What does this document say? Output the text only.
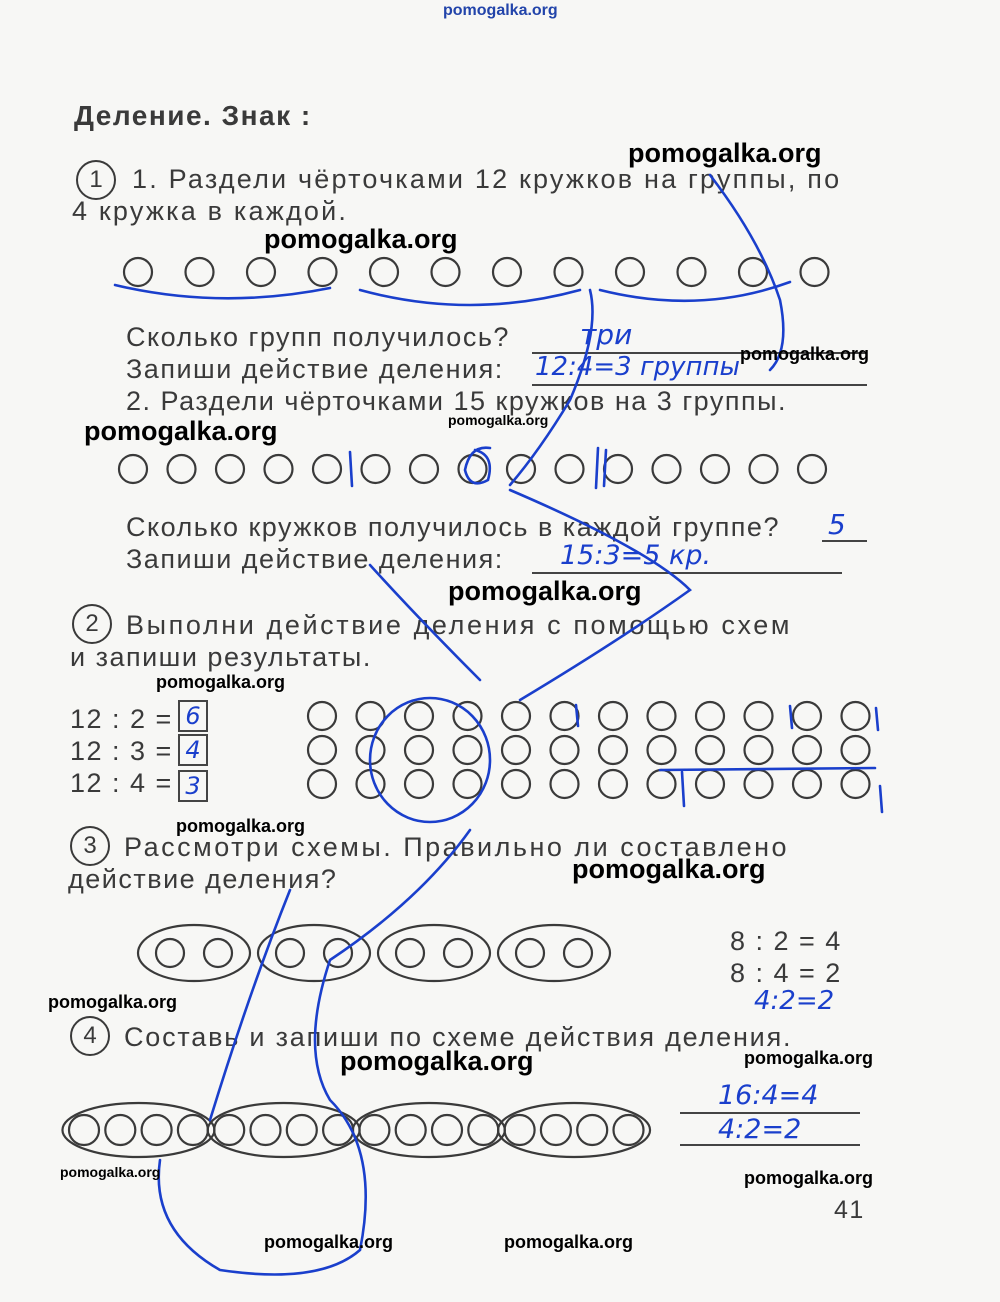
pomogalka.org
Деление. Знак :
1	1. Раздели чёрточками 12 кружков на группы, по
4 кружка в каждой.
Сколько групп получилось?	три
Запиши действие деления: 12:4=3 группы
2. Раздели чёрточками 15 кружков на 3 группы.
Сколько кружков получилось в каждой группе? 5
Запиши действие деления: 15:3=5 кр.
2	Выполни действие деления с помощью схем
и запиши результаты.
12 : 2 = 6
12 : 3 = 4
12 : 4 = 3
3	Рассмотри схемы. Правильно ли составлено
действие деления?
8 : 2 = 4
8 : 4 = 2
4:2=2
4	Составь и запиши по схеме действия деления.
16:4=4
4:2=2
41
pomogalka.org
pomogalka.org
pomogalka.org
pomogalka.org
pomogalka.org
pomogalka.org
pomogalka.org
pomogalka.org
pomogalka.org
pomogalka.org
pomogalka.org	pomogalka.org
pomogalka.org	pomogalka.org
pomogalka.org	pomogalka.org
